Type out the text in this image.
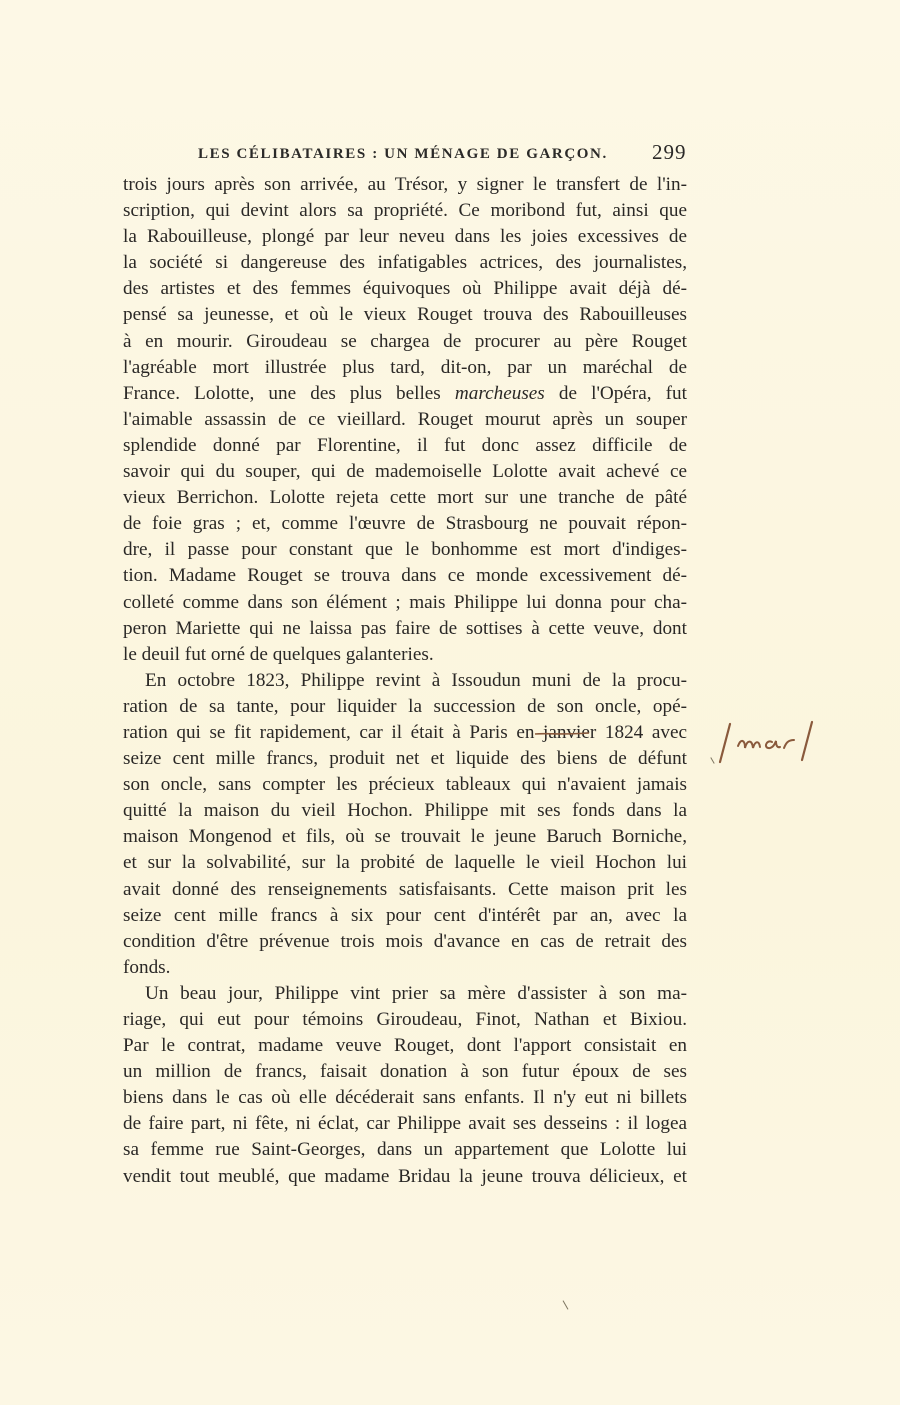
LES CÉLIBATAIRES : UN MÉNAGE DE GARÇON. 299
trois jours après son arrivée, au Trésor, y signer le transfert de l'in-
scription, qui devint alors sa propriété. Ce moribond fut, ainsi que
la Rabouilleuse, plongé par leur neveu dans les joies excessives de
la société si dangereuse des infatigables actrices, des journalistes,
des artistes et des femmes équivoques où Philippe avait déjà dé-
pensé sa jeunesse, et où le vieux Rouget trouva des Rabouilleuses
à en mourir. Giroudeau se chargea de procurer au père Rouget
l'agréable mort illustrée plus tard, dit-on, par un maréchal de
France. Lolotte, une des plus belles marcheuses de l'Opéra, fut
l'aimable assassin de ce vieillard. Rouget mourut après un souper
splendide donné par Florentine, il fut donc assez difficile de
savoir qui du souper, qui de mademoiselle Lolotte avait achevé ce
vieux Berrichon. Lolotte rejeta cette mort sur une tranche de pâté
de foie gras ; et, comme l'œuvre de Strasbourg ne pouvait répon-
dre, il passe pour constant que le bonhomme est mort d'indiges-
tion. Madame Rouget se trouva dans ce monde excessivement dé-
colleté comme dans son élément ; mais Philippe lui donna pour cha-
peron Mariette qui ne laissa pas faire de sottises à cette veuve, dont
le deuil fut orné de quelques galanteries.
En octobre 1823, Philippe revint à Issoudun muni de la procu-
ration de sa tante, pour liquider la succession de son oncle, opé-
ration qui se fit rapidement, car il était à Paris en janvier 1824 avec
seize cent mille francs, produit net et liquide des biens de défunt
son oncle, sans compter les précieux tableaux qui n'avaient jamais
quitté la maison du vieil Hochon. Philippe mit ses fonds dans la
maison Mongenod et fils, où se trouvait le jeune Baruch Borniche,
et sur la solvabilité, sur la probité de laquelle le vieil Hochon lui
avait donné des renseignements satisfaisants. Cette maison prit les
seize cent mille francs à six pour cent d'intérêt par an, avec la
condition d'être prévenue trois mois d'avance en cas de retrait des
fonds.
Un beau jour, Philippe vint prier sa mère d'assister à son ma-
riage, qui eut pour témoins Giroudeau, Finot, Nathan et Bixiou.
Par le contrat, madame veuve Rouget, dont l'apport consistait en
un million de francs, faisait donation à son futur époux de ses
biens dans le cas où elle décéderait sans enfants. Il n'y eut ni billets
de faire part, ni fête, ni éclat, car Philippe avait ses desseins : il logea
sa femme rue Saint-Georges, dans un appartement que Lolotte lui
vendit tout meublé, que madame Bridau la jeune trouva délicieux, et
